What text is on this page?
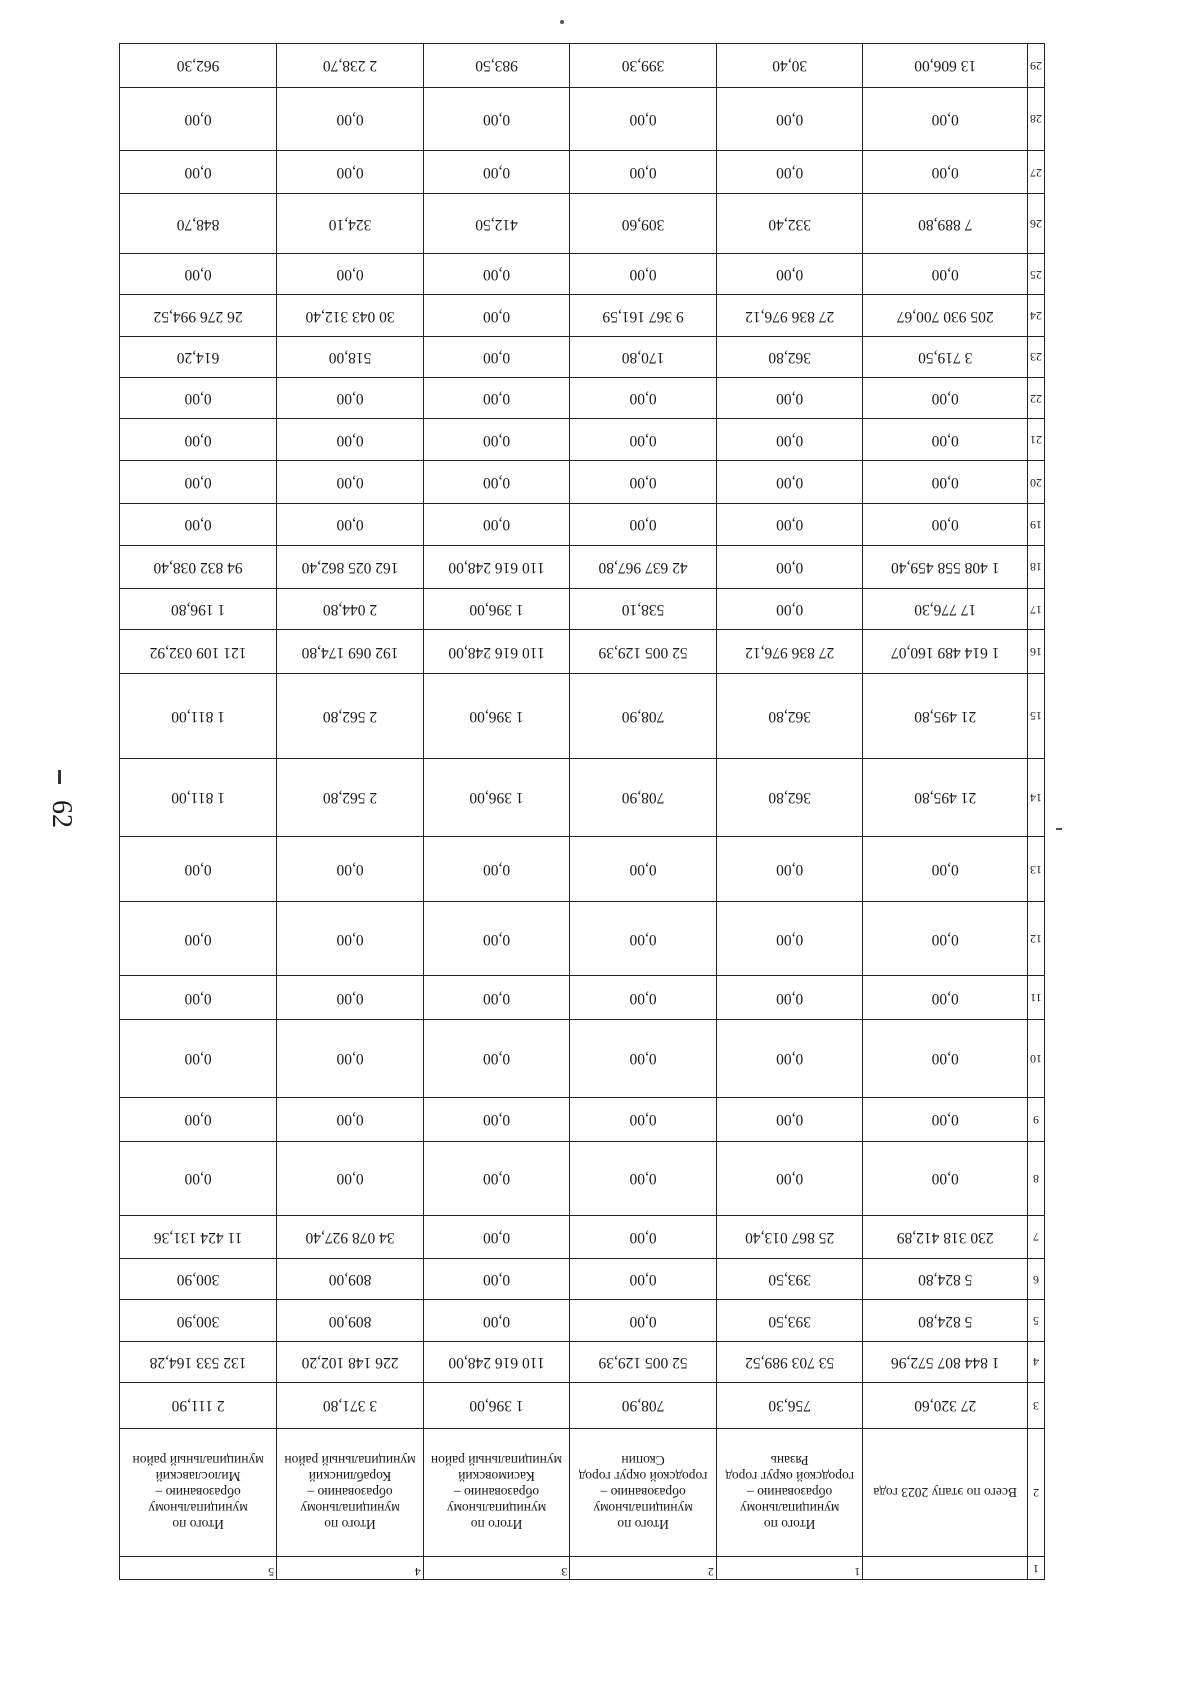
62
1		1	2	3	4	5
2	Всего по этапу 2023 года	Итого по муниципальному образованию – городской округ город Рязань	Итого по муниципальному образованию – городской округ город Скопин	Итого по муниципальному образованию – Касимовский муниципальный район	Итого по муниципальному образованию – Кораблинский муниципальный район	Итого по муниципальному образованию – Милославский муниципальный район
3	27 320,60	756,30	708,90	1 396,00	3 371,80	2 111,90
4	1 844 807 572,96	53 703 989,52	52 005 129,39	110 616 248,00	226 148 102,20	132 533 164,28
5	5 824,80	393,50	0,00	0,00	809,00	300,90
6	5 824,80	393,50	0,00	0,00	809,00	300,90
7	230 318 412,89	25 867 013,40	0,00	0,00	34 078 927,40	11 424 131,36
8	0,00	0,00	0,00	0,00	0,00	0,00
9	0,00	0,00	0,00	0,00	0,00	0,00
10	0,00	0,00	0,00	0,00	0,00	0,00
11	0,00	0,00	0,00	0,00	0,00	0,00
12	0,00	0,00	0,00	0,00	0,00	0,00
13	0,00	0,00	0,00	0,00	0,00	0,00
14	21 495,80	362,80	708,90	1 396,00	2 562,80	1 811,00
15	21 495,80	362,80	708,90	1 396,00	2 562,80	1 811,00
16	1 614 489 160,07	27 836 976,12	52 005 129,39	110 616 248,00	192 069 174,80	121 109 032,92
17	17 776,30	0,00	538,10	1 396,00	2 044,80	1 196,80
18	1 408 558 459,40	0,00	42 637 967,80	110 616 248,00	162 025 862,40	94 832 038,40
19	0,00	0,00	0,00	0,00	0,00	0,00
20	0,00	0,00	0,00	0,00	0,00	0,00
21	0,00	0,00	0,00	0,00	0,00	0,00
22	0,00	0,00	0,00	0,00	0,00	0,00
23	3 719,50	362,80	170,80	0,00	518,00	614,20
24	205 930 700,67	27 836 976,12	9 367 161,59	0,00	30 043 312,40	26 276 994,52
25	0,00	0,00	0,00	0,00	0,00	0,00
26	7 889,80	332,40	309,60	412,50	324,10	848,70
27	0,00	0,00	0,00	0,00	0,00	0,00
28	0,00	0,00	0,00	0,00	0,00	0,00
29	13 606,00	30,40	399,30	983,50	2 238,70	962,30
